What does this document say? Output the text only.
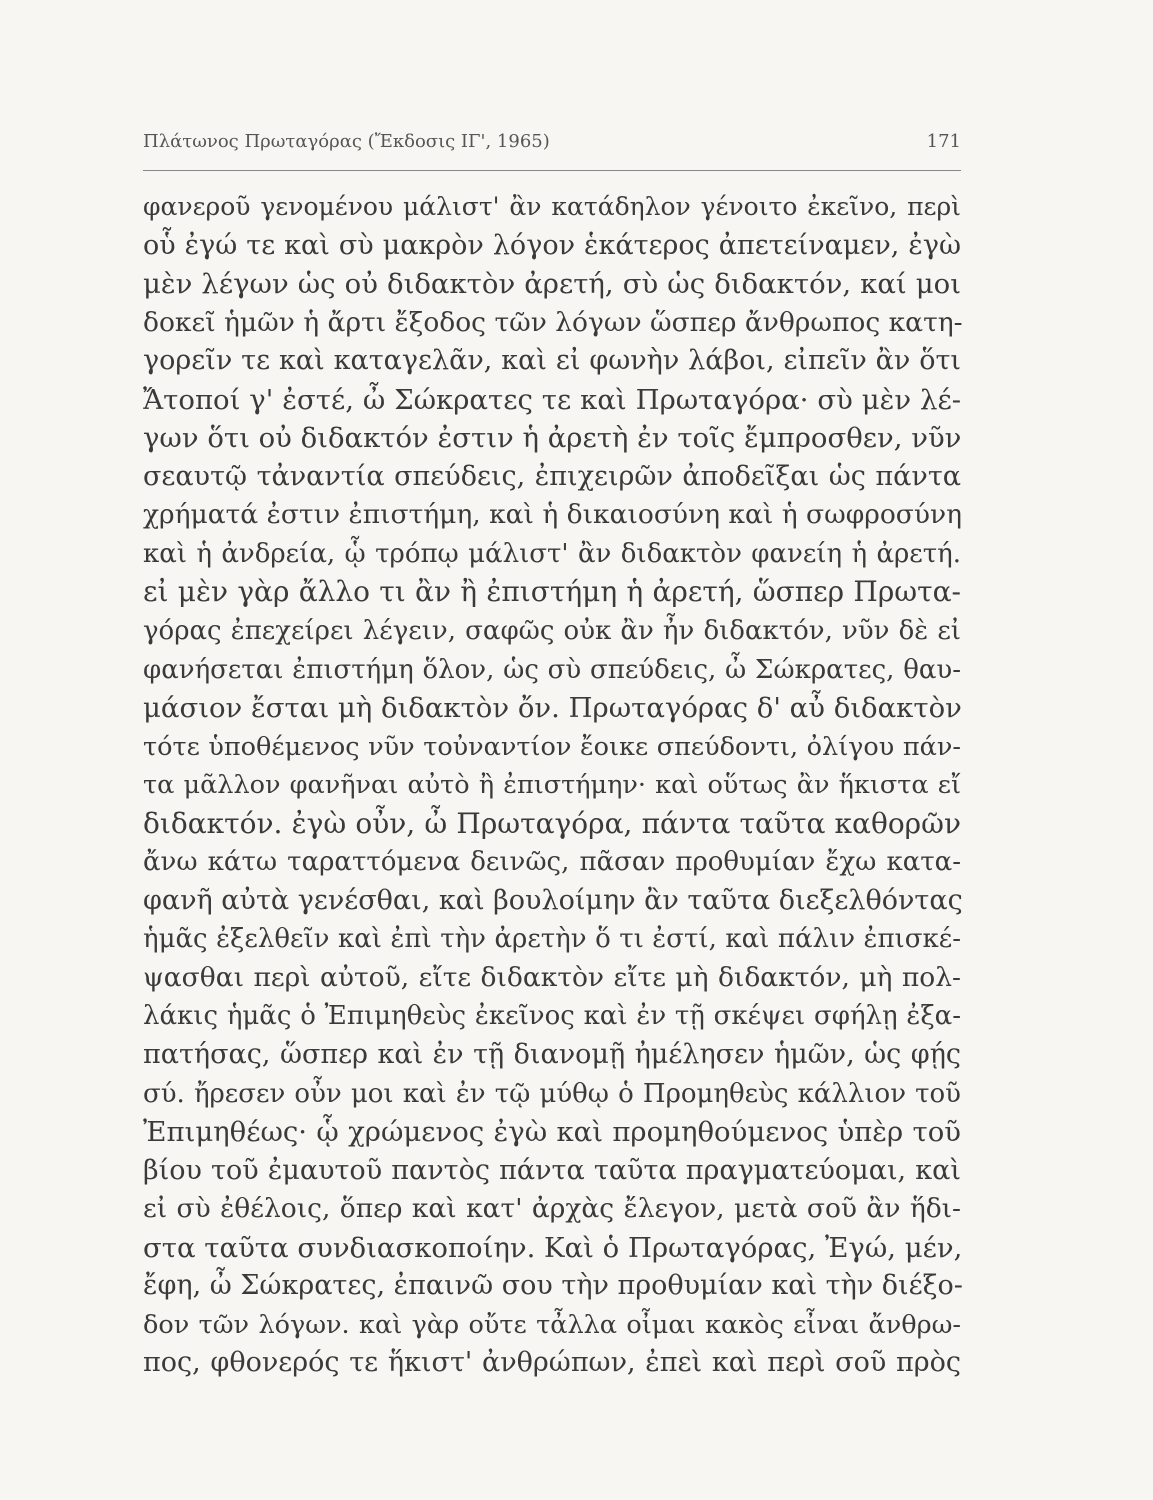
Πλάτωνος Πρωταγόρας (Ἔκδοσις ΙΓ', 1965)	171
φανεροῦ γενομένου μάλιστ' ἂν κατάδηλον γένοιτο ἐκεῖνο, περὶ
οὗ ἐγώ τε καὶ σὺ μακρὸν λόγον ἑκάτερος ἀπετείναμεν, ἐγὼ
μὲν λέγων ὡς οὐ διδακτὸν ἀρετή, σὺ ὡς διδακτόν, καί μοι
δοκεῖ ἡμῶν ἡ ἄρτι ἔξοδος τῶν λόγων ὥσπερ ἄνθρωπος κατη-
γορεῖν τε καὶ καταγελᾶν, καὶ εἰ φωνὴν λάβοι, εἰπεῖν ἂν ὅτι
Ἄτοποί γ' ἐστέ, ὦ Σώκρατες τε καὶ Πρωταγόρα· σὺ μὲν λέ-
γων ὅτι οὐ διδακτόν ἐστιν ἡ ἀρετὴ ἐν τοῖς ἔμπροσθεν, νῦν
σεαυτῷ τἀναντία σπεύδεις, ἐπιχειρῶν ἀποδεῖξαι ὡς πάντα
χρήματά ἐστιν ἐπιστήμη, καὶ ἡ δικαιοσύνη καὶ ἡ σωφροσύνη
καὶ ἡ ἀνδρεία, ᾧ τρόπῳ μάλιστ' ἂν διδακτὸν φανείη ἡ ἀρετή.
εἰ μὲν γὰρ ἄλλο τι ἂν ἢ ἐπιστήμη ἡ ἀρετή, ὥσπερ Πρωτα-
γόρας ἐπεχείρει λέγειν, σαφῶς οὐκ ἂν ἦν διδακτόν, νῦν δὲ εἰ
φανήσεται ἐπιστήμη ὅλον, ὡς σὺ σπεύδεις, ὦ Σώκρατες, θαυ-
μάσιον ἔσται μὴ διδακτὸν ὄν. Πρωταγόρας δ' αὖ διδακτὸν
τότε ὑποθέμενος νῦν τοὐναντίον ἔοικε σπεύδοντι, ὀλίγου πάν-
τα μᾶλλον φανῆναι αὐτὸ ἢ ἐπιστήμην· καὶ οὕτως ἂν ἥκιστα εἴ
διδακτόν. ἐγὼ οὖν, ὦ Πρωταγόρα, πάντα ταῦτα καθορῶν
ἄνω κάτω ταραττόμενα δεινῶς, πᾶσαν προθυμίαν ἔχω κατα-
φανῆ αὐτὰ γενέσθαι, καὶ βουλοίμην ἂν ταῦτα διεξελθόντας
ἡμᾶς ἐξελθεῖν καὶ ἐπὶ τὴν ἀρετὴν ὅ τι ἐστί, καὶ πάλιν ἐπισκέ-
ψασθαι περὶ αὐτοῦ, εἴτε διδακτὸν εἴτε μὴ διδακτόν, μὴ πολ-
λάκις ἡμᾶς ὁ Ἐπιμηθεὺς ἐκεῖνος καὶ ἐν τῇ σκέψει σφήλῃ ἐξα-
πατήσας, ὥσπερ καὶ ἐν τῇ διανομῇ ἠμέλησεν ἡμῶν, ὡς φῄς
σύ. ἤρεσεν οὖν μοι καὶ ἐν τῷ μύθῳ ὁ Προμηθεὺς κάλλιον τοῦ
Ἐπιμηθέως· ᾧ χρώμενος ἐγὼ καὶ προμηθούμενος ὑπὲρ τοῦ
βίου τοῦ ἐμαυτοῦ παντὸς πάντα ταῦτα πραγματεύομαι, καὶ
εἰ σὺ ἐθέλοις, ὅπερ καὶ κατ' ἀρχὰς ἔλεγον, μετὰ σοῦ ἂν ἥδι-
στα ταῦτα συνδιασκοποίην. Καὶ ὁ Πρωταγόρας, Ἐγώ, μέν,
ἔφη, ὦ Σώκρατες, ἐπαινῶ σου τὴν προθυμίαν καὶ τὴν διέξο-
δον τῶν λόγων. καὶ γὰρ οὔτε τἆλλα οἶμαι κακὸς εἶναι ἄνθρω-
πος, φθονερός τε ἥκιστ' ἀνθρώπων, ἐπεὶ καὶ περὶ σοῦ πρὸς
